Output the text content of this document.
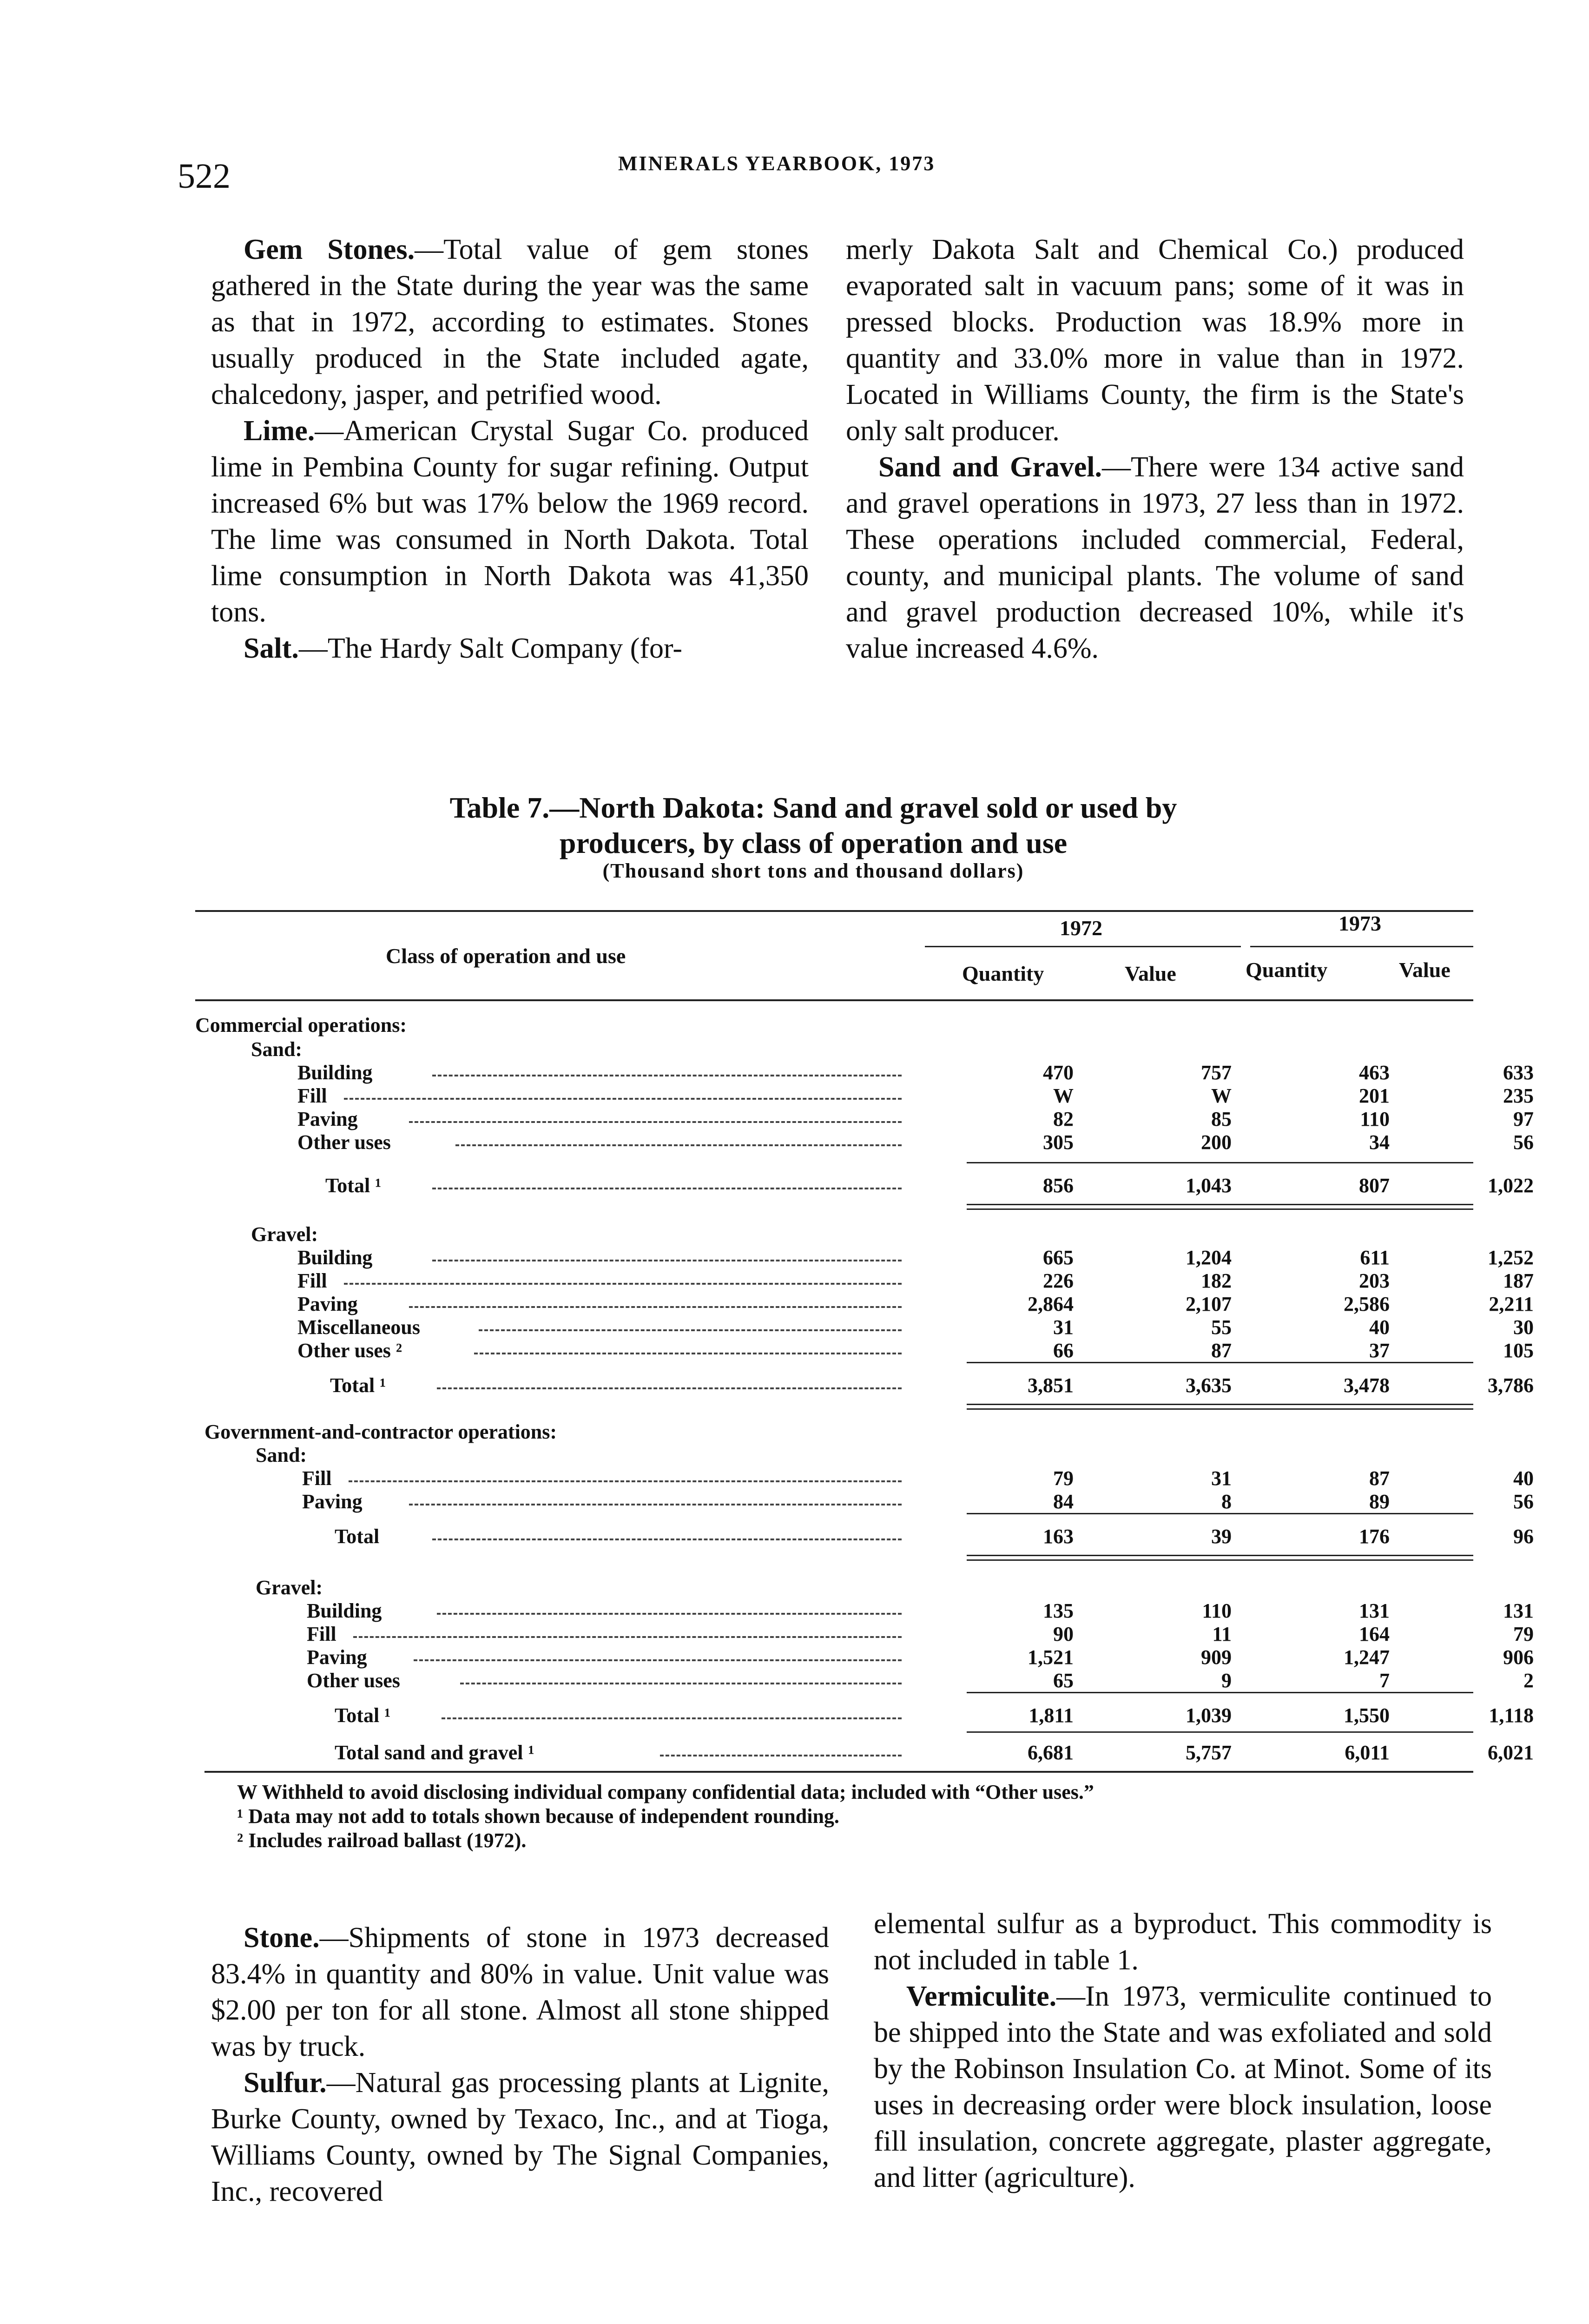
522	MINERALS YEARBOOK, 1973

Gem Stones.—Total value of gem stones gathered in the State during the year was the same as that in 1972, according to estimates. Stones usually produced in the State included agate, chalcedony, jasper, and petrified wood.

Lime.—American Crystal Sugar Co. produced lime in Pembina County for sugar refining. Output increased 6% but was 17% below the 1969 record. The lime was consumed in North Dakota. Total lime consumption in North Dakota was 41,350 tons.

Salt.—The Hardy Salt Company (for-

merly Dakota Salt and Chemical Co.) produced evaporated salt in vacuum pans; some of it was in pressed blocks. Production was 18.9% more in quantity and 33.0% more in value than in 1972. Located in Williams County, the firm is the State's only salt producer.

Sand and Gravel.—There were 134 active sand and gravel operations in 1973, 27 less than in 1972. These operations included commercial, Federal, county, and municipal plants. The volume of sand and gravel production decreased 10%, while it's value increased 4.6%.

Table 7.—North Dakota: Sand and gravel sold or used by
producers, by class of operation and use
(Thousand short tons and thousand dollars)
Class of operation and use
1972	1973
Quantity	Value	Quantity	Value
Commercial operations:
Sand:
Building	470	757	463	633
Fill	W	W	201	235
Paving	82	85	110	97
Other uses	305	200	34	56
Total ¹	856	1,043	807	1,022
Gravel:
Building	665	1,204	611	1,252
Fill	226	182	203	187
Paving	2,864	2,107	2,586	2,211
Miscellaneous	31	55	40	30
Other uses ²	66	87	37	105
Total ¹	3,851	3,635	3,478	3,786
Government-and-contractor operations:
Sand:
Fill	79	31	87	40
Paving	84	8	89	56
Total	163	39	176	96
Gravel:
Building	135	110	131	131
Fill	90	11	164	79
Paving	1,521	909	1,247	906
Other uses	65	9	7	2
Total ¹	1,811	1,039	1,550	1,118
Total sand and gravel ¹	6,681	5,757	6,011	6,021
W Withheld to avoid disclosing individual company confidential data; included with “Other uses.”
¹ Data may not add to totals shown because of independent rounding.
² Includes railroad ballast (1972).

Stone.—Shipments of stone in 1973 decreased 83.4% in quantity and 80% in value. Unit value was $2.00 per ton for all stone. Almost all stone shipped was by truck.

Sulfur.—Natural gas processing plants at Lignite, Burke County, owned by Texaco, Inc., and at Tioga, Williams County, owned by The Signal Companies, Inc., recovered

elemental sulfur as a byproduct. This commodity is not included in table 1.

Vermiculite.—In 1973, vermiculite continued to be shipped into the State and was exfoliated and sold by the Robinson Insulation Co. at Minot. Some of its uses in decreasing order were block insulation, loose fill insulation, concrete aggregate, plaster aggregate, and litter (agriculture).
